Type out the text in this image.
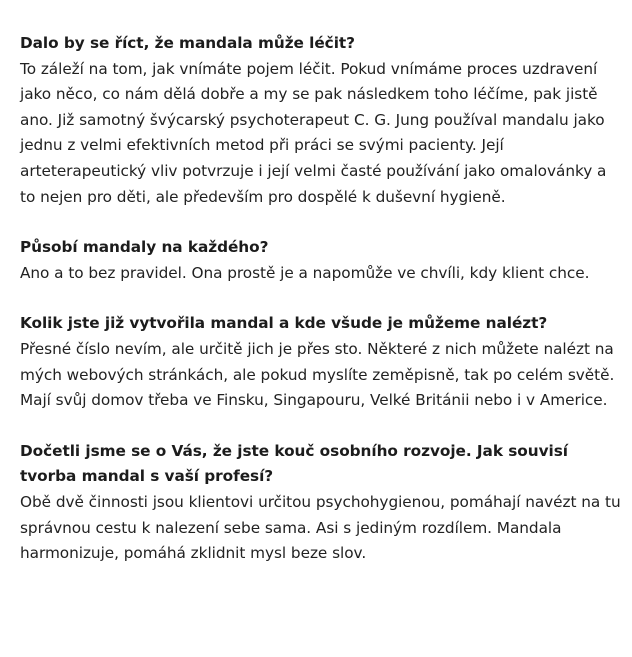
Dalo by se říct, že mandala může léčit?

To záleží na tom, jak vnímáte pojem léčit. Pokud vnímáme proces uzdravení jako něco, co nám dělá dobře a my se pak následkem toho léčíme, pak jistě ano. Již samotný švýcarský psychoterapeut C. G. Jung používal mandalu jako jednu z velmi efektivních metod při práci se svými pacienty. Její arteterapeutický vliv potvrzuje i její velmi časté používání jako omalovánky a to nejen pro děti, ale především pro dospělé k duševní hygieně.

Působí mandaly na každého?

Ano a to bez pravidel. Ona prostě je a napomůže ve chvíli, kdy klient chce.

Kolik jste již vytvořila mandal a kde všude je můžeme nalézt?

Přesné číslo nevím, ale určitě jich je přes sto. Některé z nich můžete nalézt na mých webových stránkách, ale pokud myslíte zeměpisně, tak po celém světě. Mají svůj domov třeba ve Finsku, Singapouru, Velké Británii nebo i v Americe.

Dočetli jsme se o Vás, že jste kouč osobního rozvoje. Jak souvisí tvorba mandal s vaší profesí?

Obě dvě činnosti jsou klientovi určitou psychohygienou, pomáhají navézt na tu správnou cestu k nalezení sebe sama. Asi s jediným rozdílem. Mandala harmonizuje, pomáhá zklidnit mysl beze slov.
